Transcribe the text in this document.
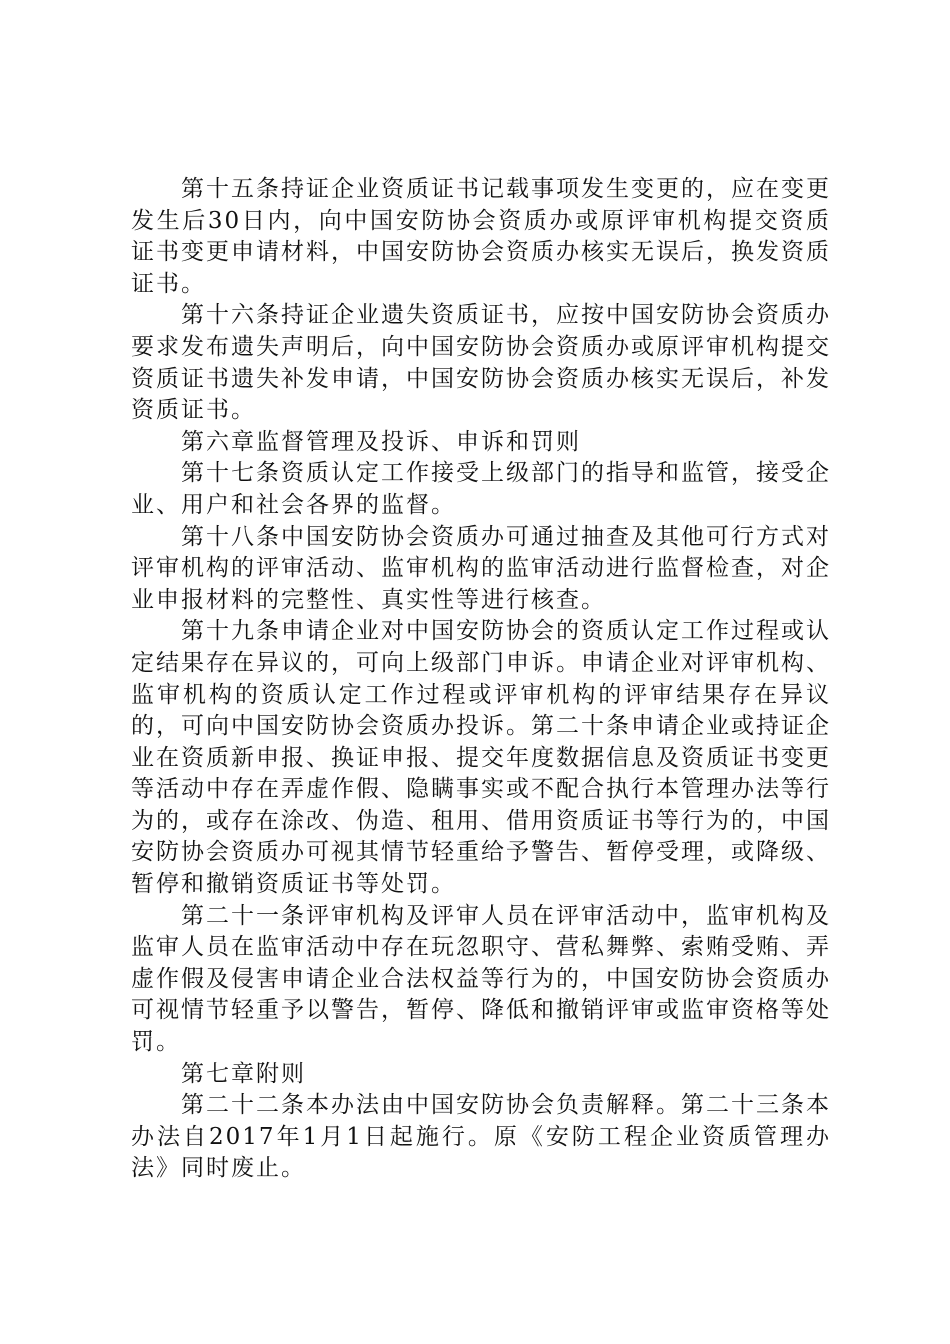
第十五条持证企业资质证书记载事项发生变更的，应在变更发生后30日内，向中国安防协会资质办或原评审机构提交资质证书变更申请材料，中国安防协会资质办核实无误后，换发资质证书。

第十六条持证企业遗失资质证书，应按中国安防协会资质办要求发布遗失声明后，向中国安防协会资质办或原评审机构提交资质证书遗失补发申请，中国安防协会资质办核实无误后，补发资质证书。

第六章监督管理及投诉、申诉和罚则

第十七条资质认定工作接受上级部门的指导和监管，接受企业、用户和社会各界的监督。

第十八条中国安防协会资质办可通过抽查及其他可行方式对评审机构的评审活动、监审机构的监审活动进行监督检查，对企业申报材料的完整性、真实性等进行核查。

第十九条申请企业对中国安防协会的资质认定工作过程或认定结果存在异议的，可向上级部门申诉。申请企业对评审机构、监审机构的资质认定工作过程或评审机构的评审结果存在异议的，可向中国安防协会资质办投诉。第二十条申请企业或持证企业在资质新申报、换证申报、提交年度数据信息及资质证书变更等活动中存在弄虚作假、隐瞒事实或不配合执行本管理办法等行为的，或存在涂改、伪造、租用、借用资质证书等行为的，中国安防协会资质办可视其情节轻重给予警告、暂停受理，或降级、暂停和撤销资质证书等处罚。

第二十一条评审机构及评审人员在评审活动中，监审机构及监审人员在监审活动中存在玩忽职守、营私舞弊、索贿受贿、弄虚作假及侵害申请企业合法权益等行为的，中国安防协会资质办可视情节轻重予以警告，暂停、降低和撤销评审或监审资格等处罚。

第七章附则

第二十二条本办法由中国安防协会负责解释。第二十三条本办法自2017年1月1日起施行。原《安防工程企业资质管理办法》同时废止。
